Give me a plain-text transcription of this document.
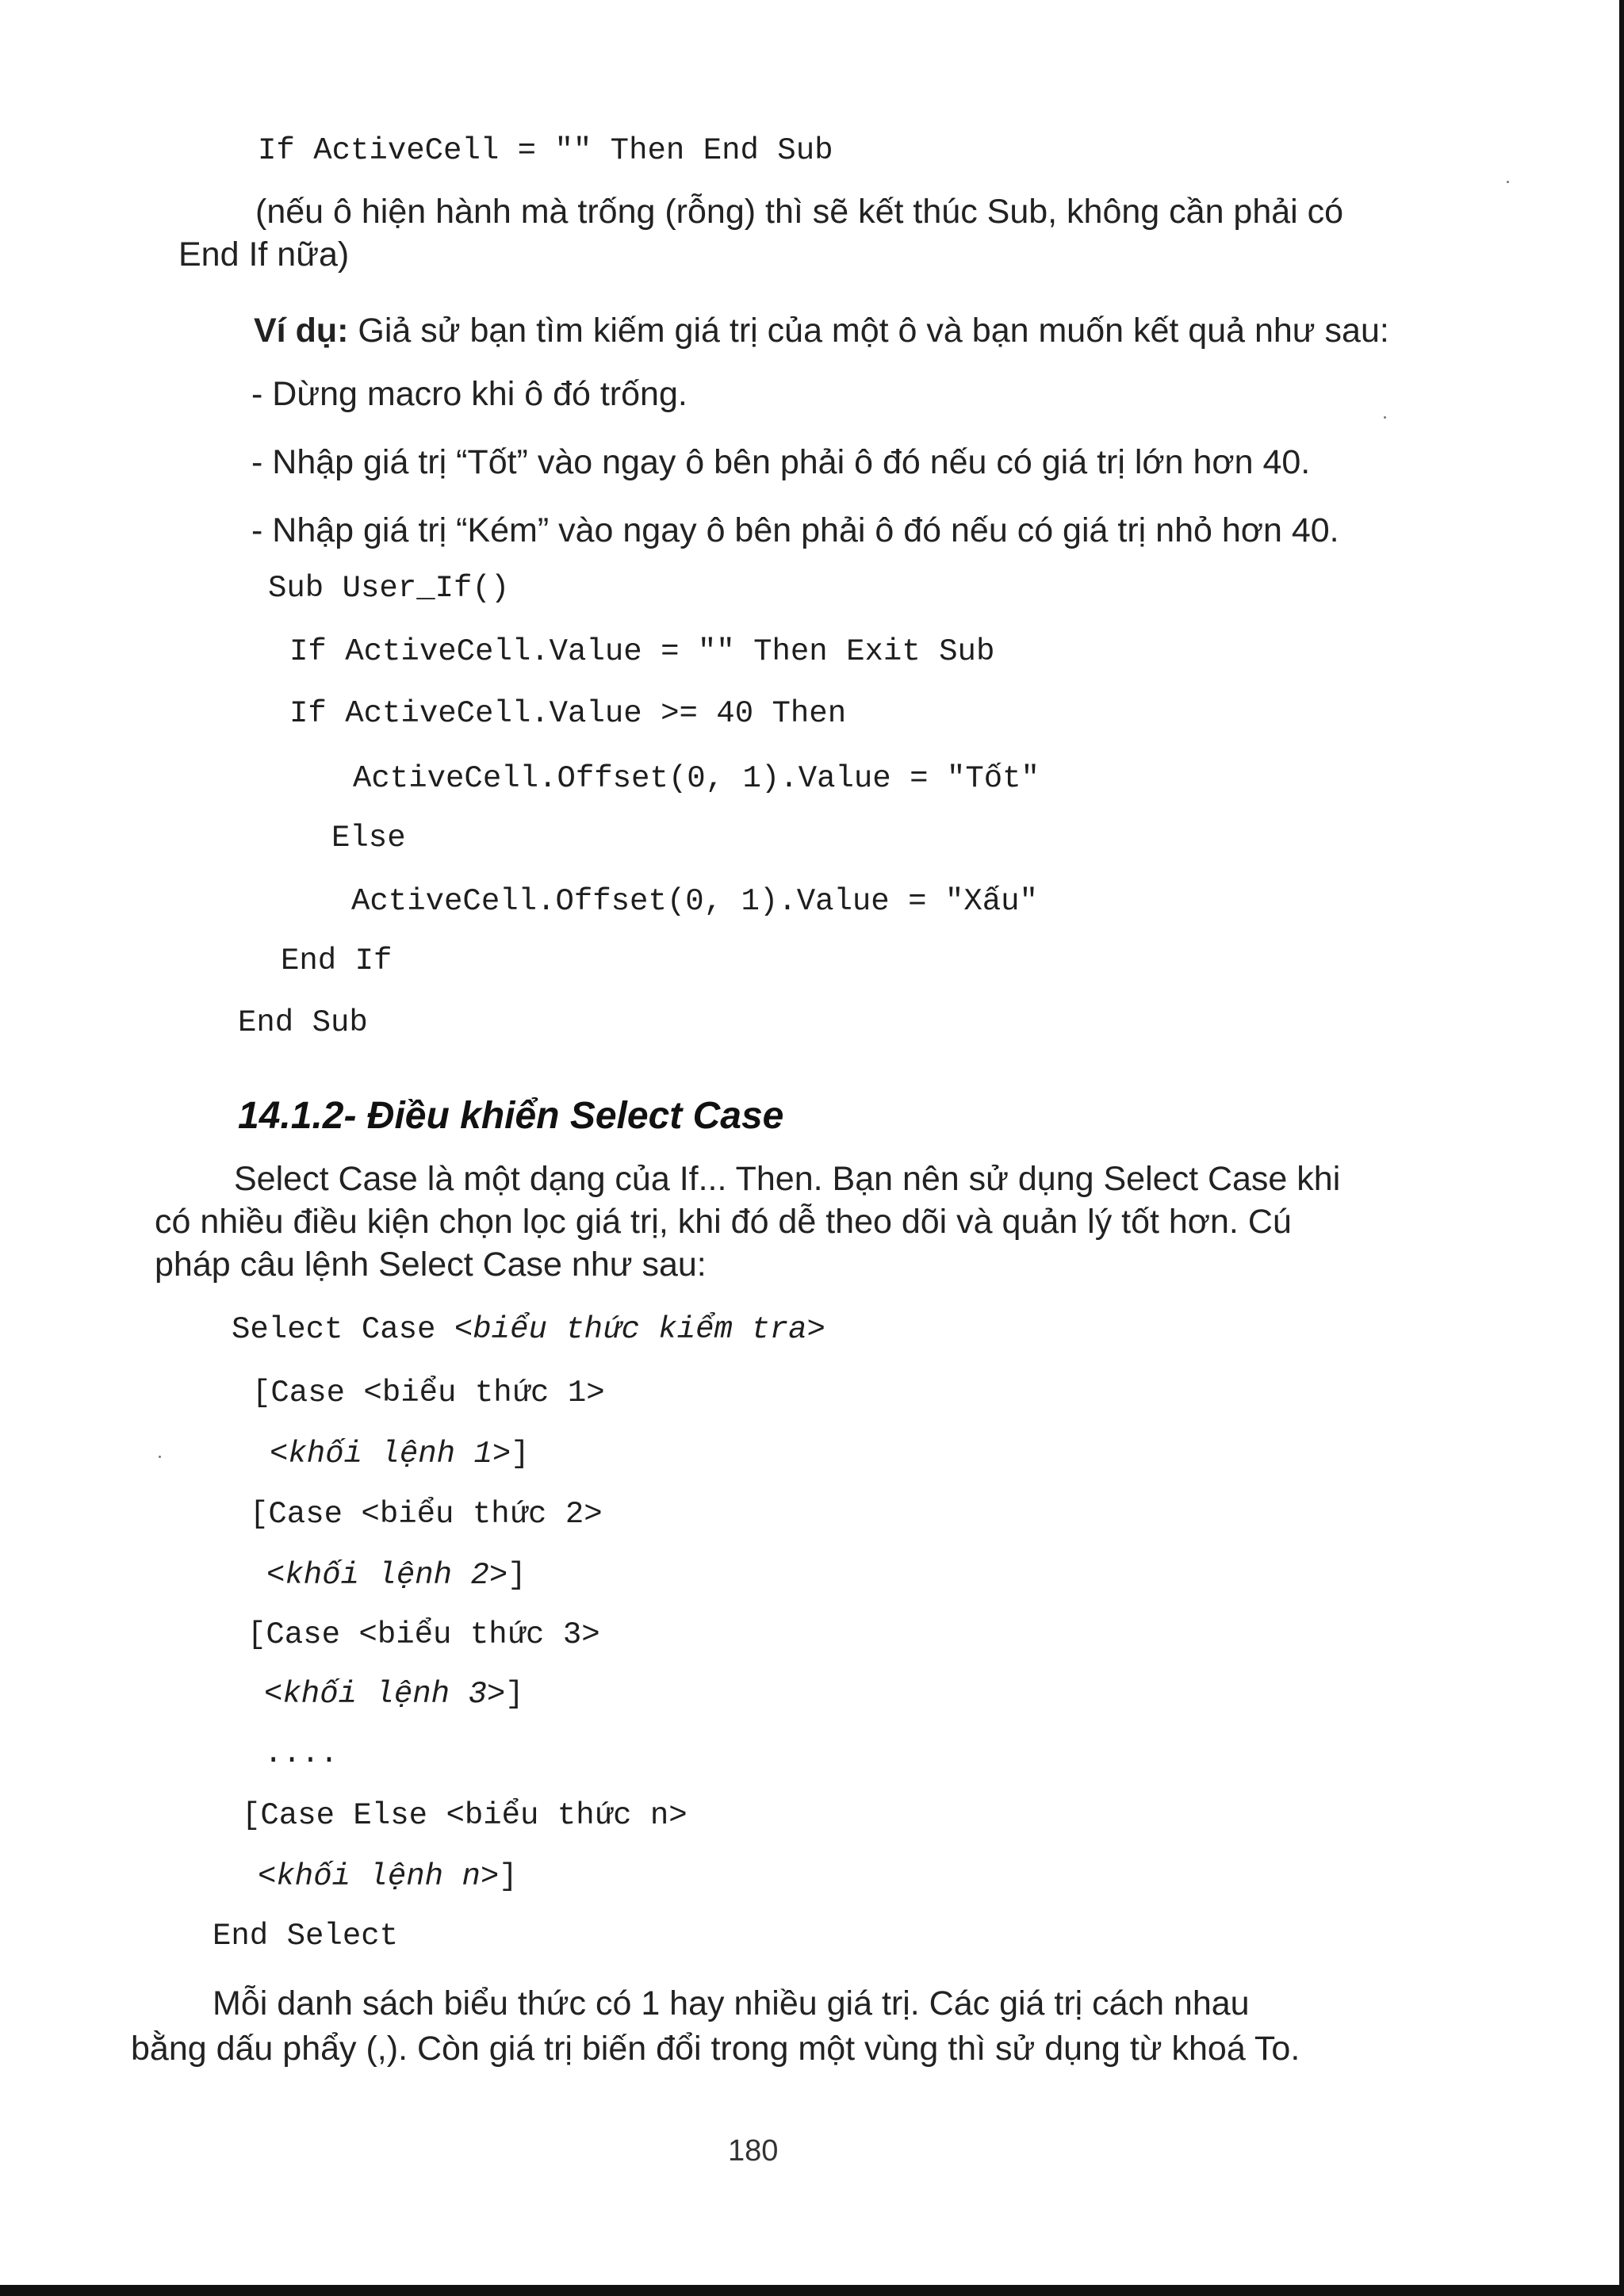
If ActiveCell = "" Then End Sub
(nếu ô hiện hành mà trống (rỗng) thì sẽ kết thúc Sub, không cần phải có
End If nữa)
Ví dụ: Giả sử bạn tìm kiếm giá trị của một ô và bạn muốn kết quả như sau:
- Dừng macro khi ô đó trống.
- Nhập giá trị “Tốt” vào ngay ô bên phải ô đó nếu có giá trị lớn hơn 40.
- Nhập giá trị “Kém” vào ngay ô bên phải ô đó nếu có giá trị nhỏ hơn 40.
Sub User_If()
If ActiveCell.Value = "" Then Exit Sub
If ActiveCell.Value >= 40 Then
ActiveCell.Offset(0, 1).Value = "Tốt"
Else
ActiveCell.Offset(0, 1).Value = "Xấu"
End If
End Sub
14.1.2- Điều khiển Select Case
Select Case là một dạng của If... Then. Bạn nên sử dụng Select Case khi
có nhiều điều kiện chọn lọc giá trị, khi đó dễ theo dõi và quản lý tốt hơn. Cú
pháp câu lệnh Select Case như sau:
Select Case <biểu thức kiểm tra>
[Case <biểu thức 1>
<khối lệnh 1>]
[Case <biểu thức 2>
<khối lệnh 2>]
[Case <biểu thức 3>
<khối lệnh 3>]
....
[Case Else <biểu thức n>
<khối lệnh n>]
End Select
Mỗi danh sách biểu thức có 1 hay nhiều giá trị. Các giá trị cách nhau
bằng dấu phẩy (,). Còn giá trị biến đổi trong một vùng thì sử dụng từ khoá To.
180
